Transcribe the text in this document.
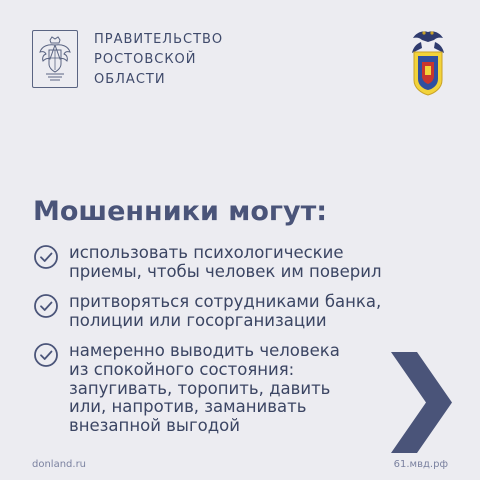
ПРАВИТЕЛЬСТВО
РОСТОВСКОЙ
ОБЛАСТИ
Мошенники могут:
использовать психологические
приемы, чтобы человек им поверил
притворяться сотрудниками банка,
полиции или госорганизации
намеренно выводить человека
из спокойного состояния:
запугивать, торопить, давить
или, напротив, заманивать
внезапной выгодой
donland.ru	61.мвд.рф
